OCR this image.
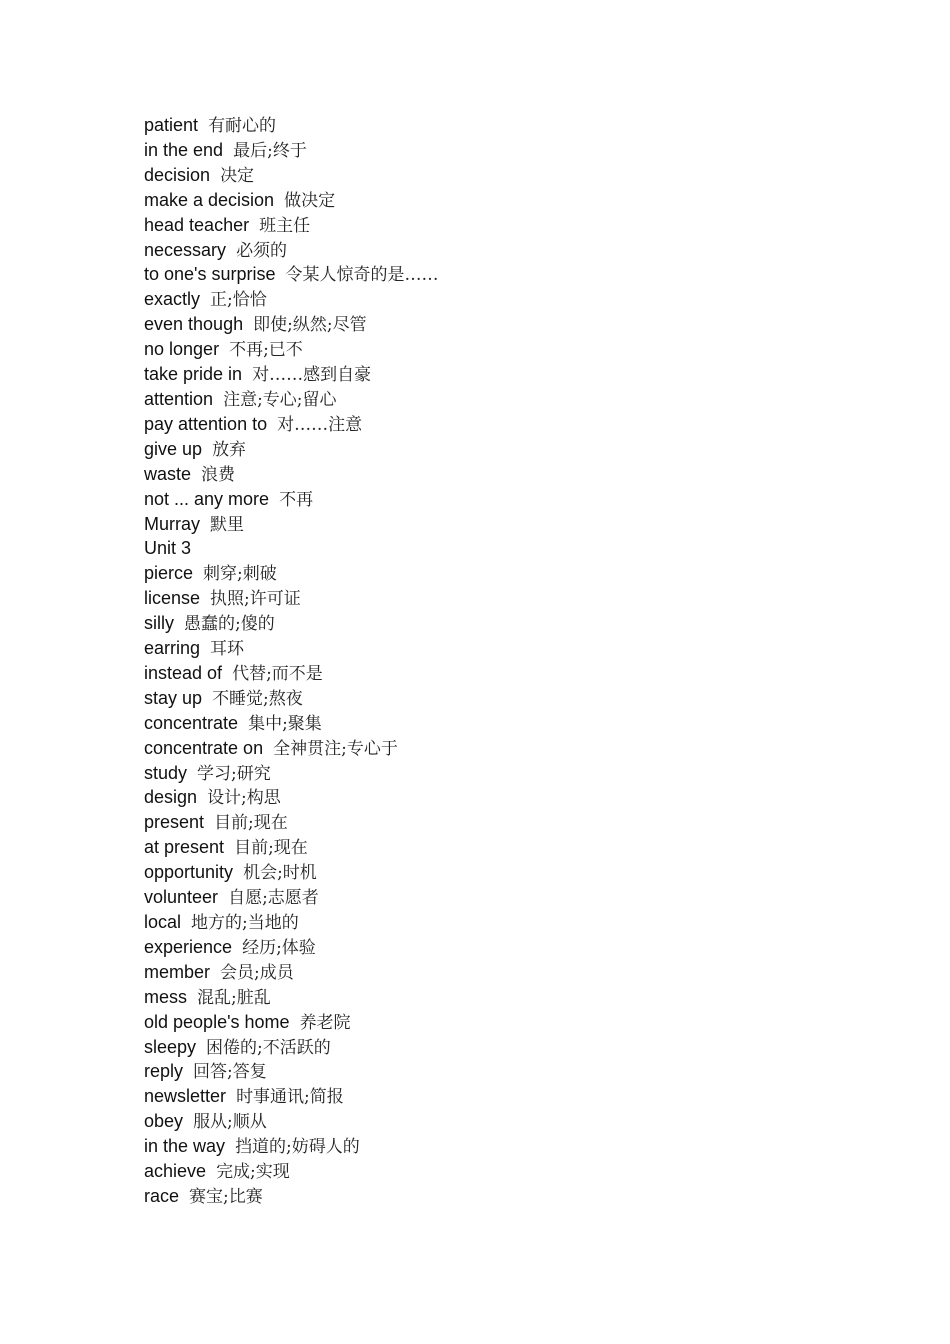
patient 有耐心的
in the end 最后;终于
decision 决定
make a decision 做决定
head teacher 班主任
necessary 必须的
to one's surprise 令某人惊奇的是……
exactly 正;恰恰
even though 即使;纵然;尽管
no longer 不再;已不
take pride in 对……感到自豪
attention 注意;专心;留心
pay attention to 对……注意
give up 放弃
waste 浪费
not ... any more 不再
Murray 默里
Unit 3
pierce 刺穿;刺破
license 执照;许可证
silly 愚蠢的;傻的
earring 耳环
instead of 代替;而不是
stay up 不睡觉;熬夜
concentrate 集中;聚集
concentrate on 全神贯注;专心于
study 学习;研究
design 设计;构思
present 目前;现在
at present 目前;现在
opportunity 机会;时机
volunteer 自愿;志愿者
local 地方的;当地的
experience 经历;体验
member 会员;成员
mess 混乱;脏乱
old people's home 养老院
sleepy 困倦的;不活跃的
reply 回答;答复
newsletter 时事通讯;简报
obey 服从;顺从
in the way 挡道的;妨碍人的
achieve 完成;实现
race 赛宝;比赛
